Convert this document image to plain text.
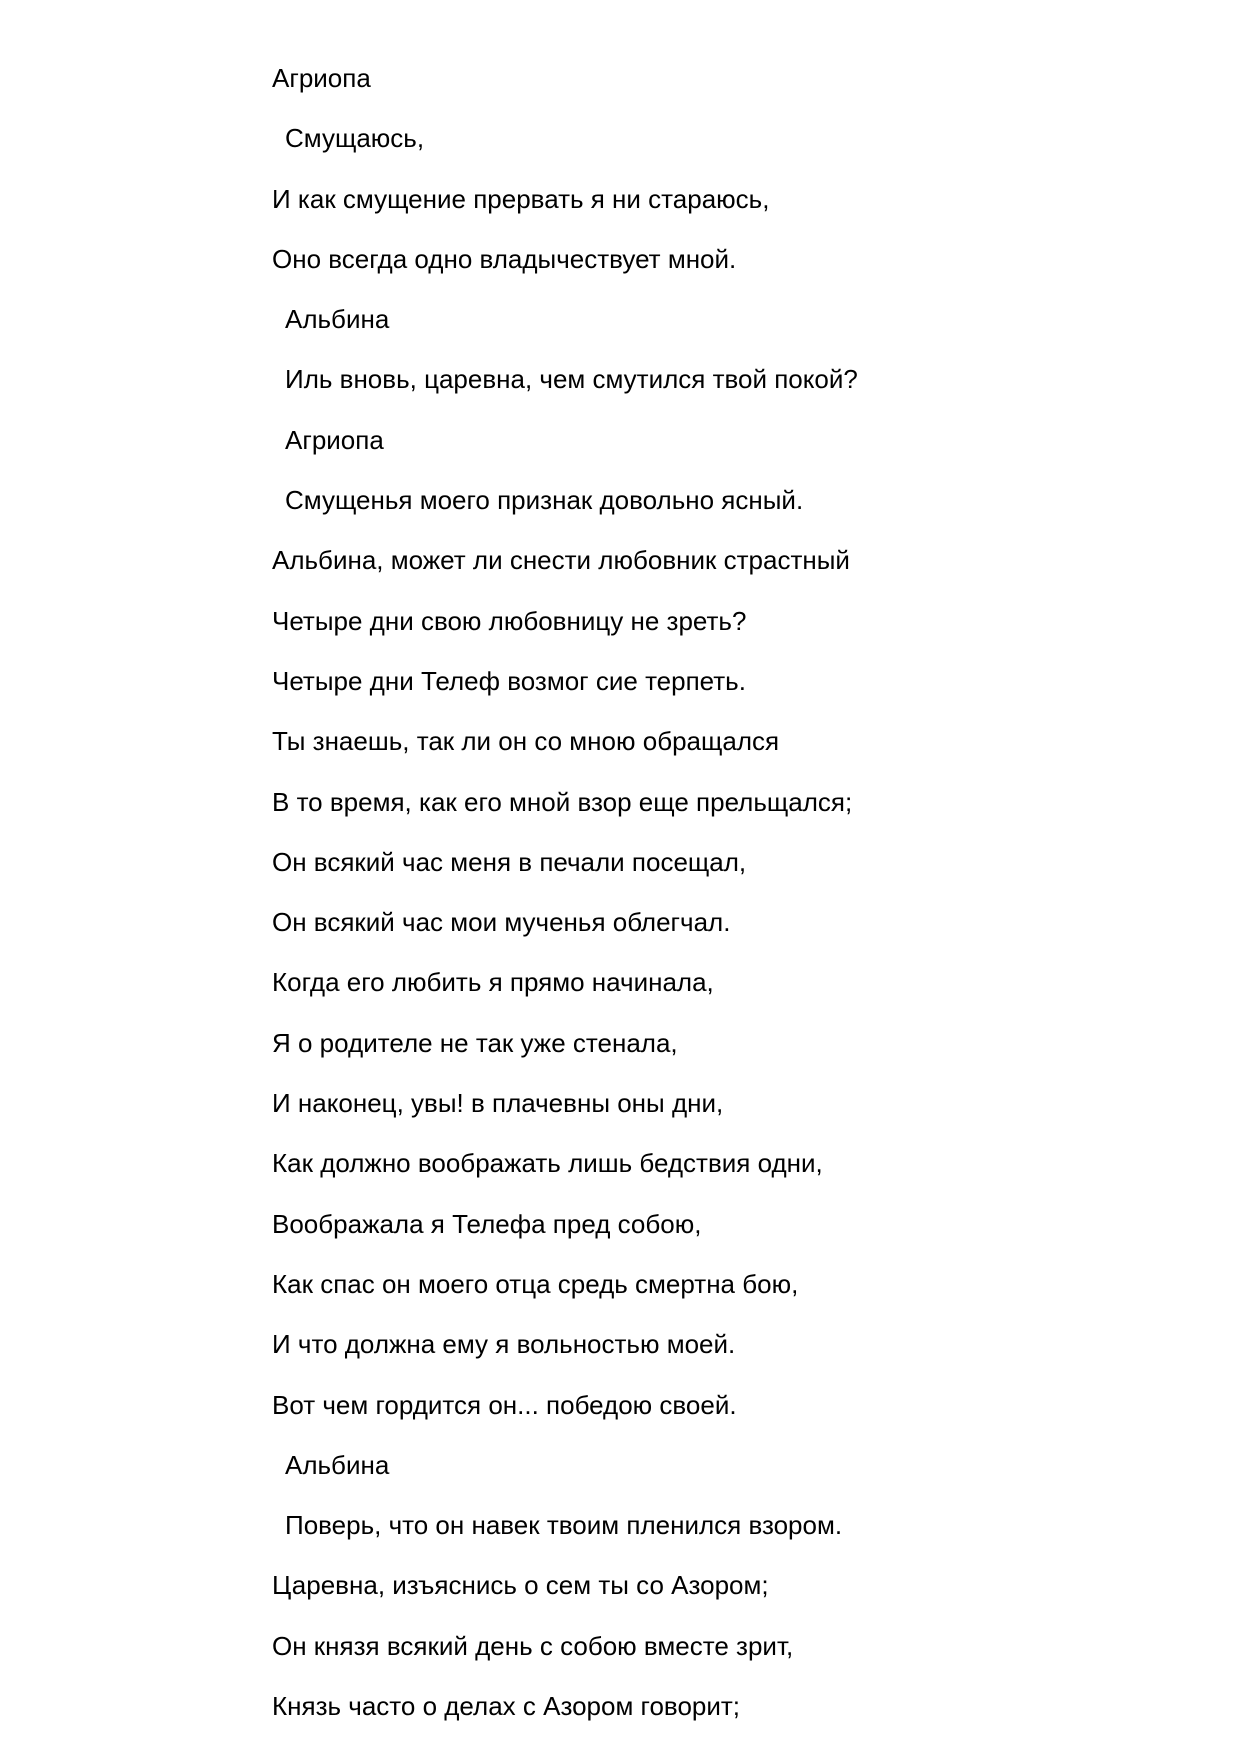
Агриопа
Смущаюсь,
И как смущение прервать я ни стараюсь,
Оно всегда одно владычествует мной.
Альбина
Иль вновь, царевна, чем смутился твой покой?
Агриопа
Смущенья моего признак довольно ясный.
Альбина, может ли снести любовник страстный
Четыре дни свою любовницу не зреть?
Четыре дни Телеф возмог сие терпеть.
Ты знаешь, так ли он со мною обращался
В то время, как его мной взор еще прельщался;
Он всякий час меня в печали посещал,
Он всякий час мои мученья облегчал.
Когда его любить я прямо начинала,
Я о родителе не так уже стенала,
И наконец, увы! в плачевны оны дни,
Как должно воображать лишь бедствия одни,
Воображала я Телефа пред собою,
Как спас он моего отца средь смертна бою,
И что должна ему я вольностью моей.
Вот чем гордится он... победою своей.
Альбина
Поверь, что он навек твоим пленился взором.
Царевна, изъяснись о сем ты со Азором;
Он князя всякий день с собою вместе зрит,
Князь часто о делах с Азором говорит;
